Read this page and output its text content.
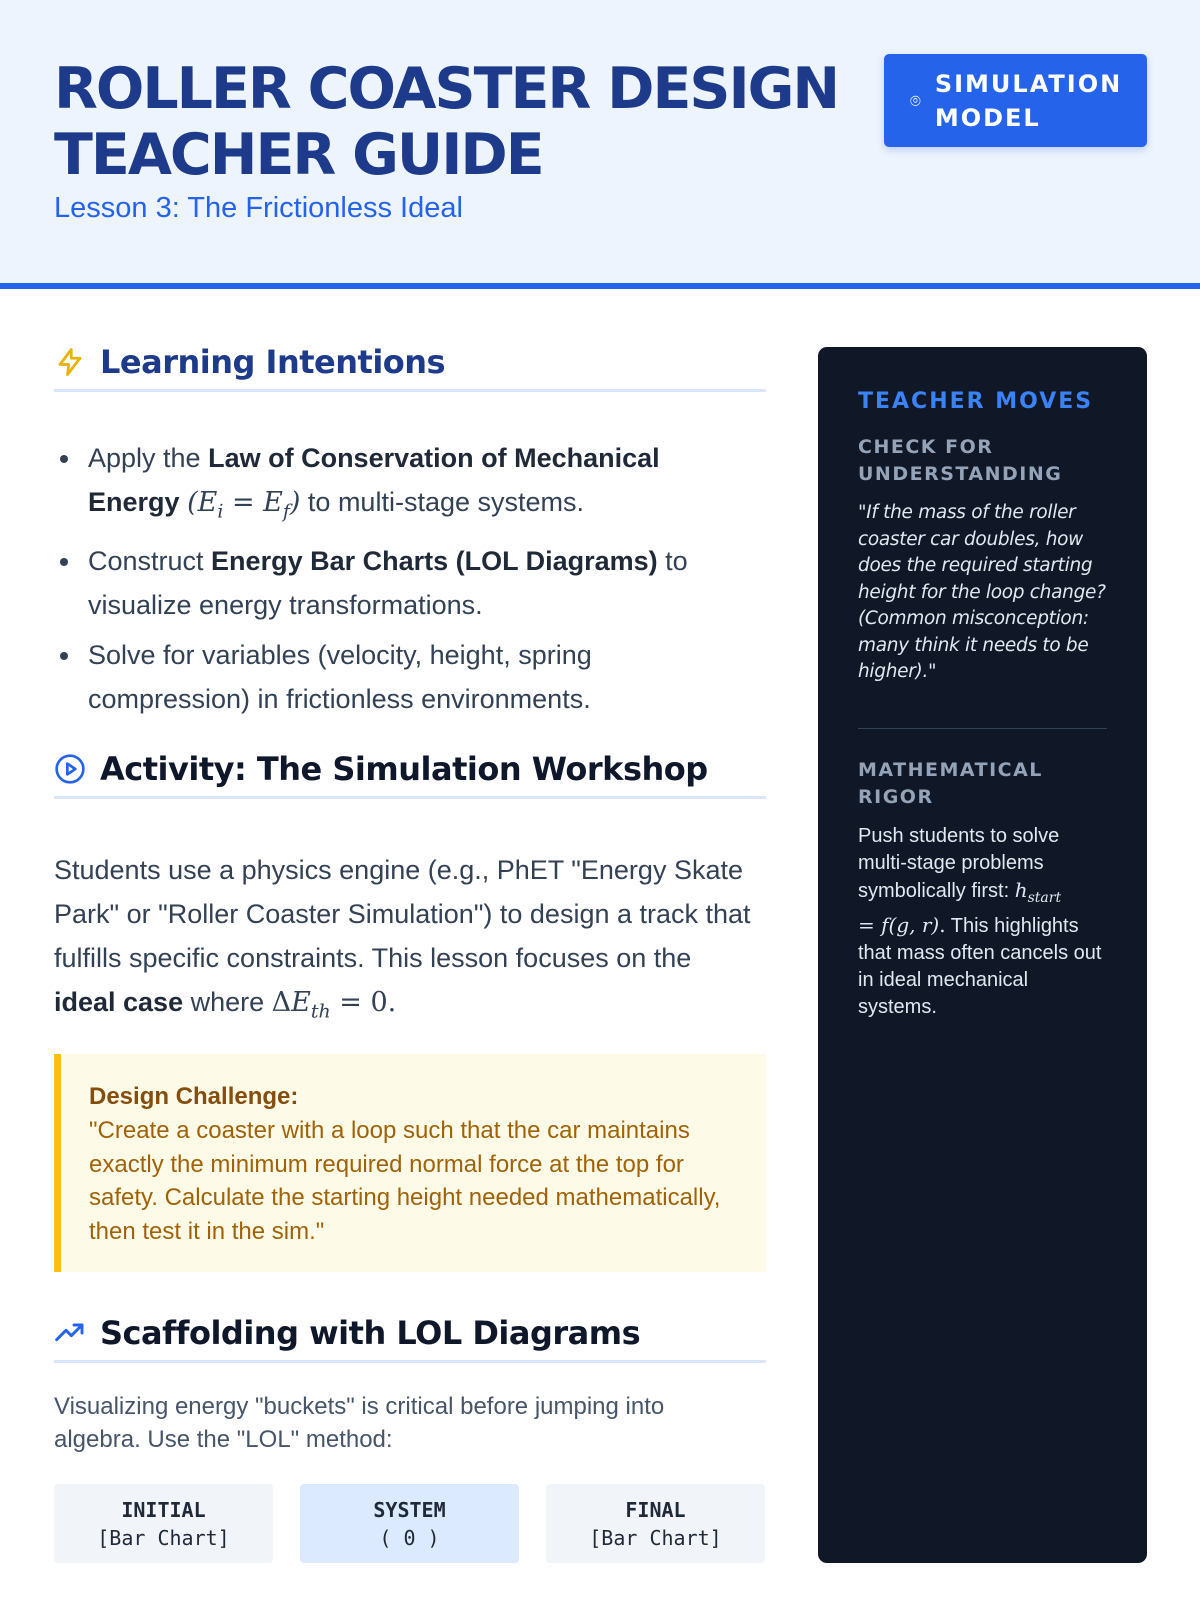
ROLLER COASTER DESIGN TEACHER GUIDE
Lesson 3: The Frictionless Ideal
⌾
SIMULATION MODEL
Learning Intentions
Apply the Law of Conservation of Mechanical Energy $(E_i = E_f)$ to multi-stage systems.
Construct Energy Bar Charts (LOL Diagrams) to visualize energy transformations.
Solve for variables (velocity, height, spring compression) in frictionless environments.
Activity: The Simulation Workshop

Students use a physics engine (e.g., PhET "Energy Skate Park" or "Roller Coaster Simulation") to design a track that fulfills specific constraints. This lesson focuses on the ideal case where $\Delta E_{th} = 0$.

Design Challenge:
"Create a coaster with a loop such that the car maintains exactly the minimum required normal force at the top for safety. Calculate the starting height needed mathematically, then test it in the sim."
Scaffolding with LOL Diagrams

Visualizing energy "buckets" is critical before jumping into algebra. Use the "LOL" method:

INITIAL
[Bar Chart]
SYSTEM
( 0 )
FINAL
[Bar Chart]
TEACHER MOVES
CHECK FOR UNDERSTANDING
"If the mass of the roller coaster car doubles, how does the required starting height for the loop change? (Common misconception: many think it needs to be higher)."
MATHEMATICAL RIGOR
Push students to solve multi-stage problems symbolically first: $h_{start}$
= f(g, r). This highlights that mass often cancels out in ideal mechanical systems.
